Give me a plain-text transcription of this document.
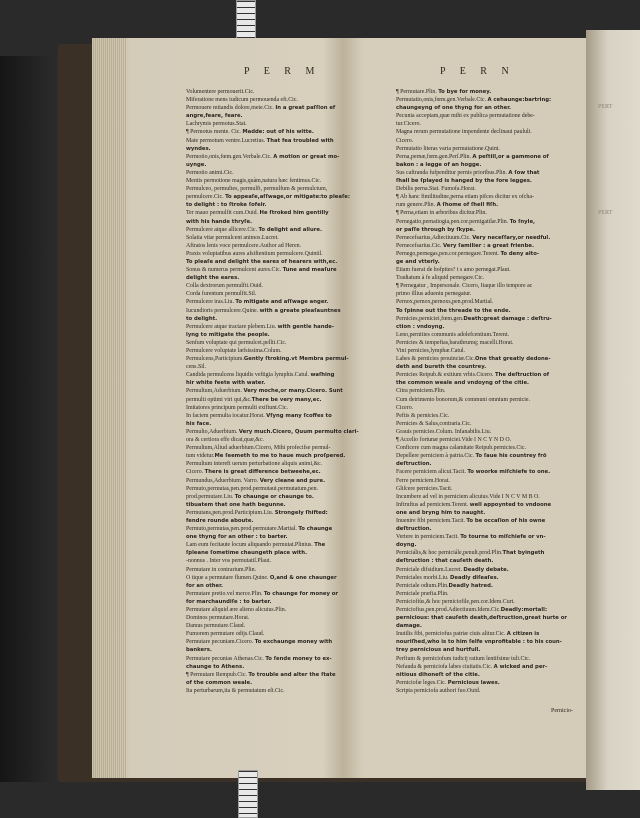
PERT
PERT
P E R M	P E R N
Volumentere permouerit.Cic.
Miferatione mens iudicum permouenda eft.Cic.
Permouere mitandis dolore,mete.Cic. In a great paſſion ef
angre,feare, feare.
Lachrymis permotus.Stat.
¶ Permotus mente. Cic. Madde: out of his witte.
Mate permotum ventre.Lucretius. That fea troubled with
wyndes.
Permotio,onis,fœm.gen.Verbale.Cic. A motion or great mo-
uynge.
Permotio animi.Cic.
Mentis permotione magis,quàm,natura hæc fentimus.Cic.
Permulceo, permultes, permulfi, permulfum & permulctum,
permulcere.Cic. To appeaſe,aſſwage,or mitigate:to pleaſe:
to delight : to ſtroke ſofelr.
Ter mauo permulfit cum.Ouid. He ſtroked him gentilly
with his hande thryſe.
Permulcere atque allicere.Cic. To delight and allure.
Solatia vitæ permulcent animos.Lucret.
Aftratos lenis voce permulcere.Author ad Heren.
Praxis voluptatibus aures afsiftentium permulcere.Quintil.
To pleaſe and delight the eares of hearers with,ec.
Sonus & numerus permulcent aures.Cic. Tune and meaſure
delight the eares.
Colla dextrorum permulfit.Ouid.
Corda furentum permulfit.Sil.
Permulcere iras.Liu. To mitigate and aſſwage anger.
Iucundioris permulcere.Quine. with a greate pleaſauntnes
to delight.
Permulcere atque tractare plebem.Liu. with gentle hande-
lyng to mitigate the people.
Senfum voluptate qui permulcet.pellit.Cic.
Permulcere voluptate læfsissima.Colum.
Permulcens,Participium.Gently ſtroking.vt Membra permul-
cens.Sil.
Candida permulcens liquidis veftigia lymphis.Catul. waſhing
hir white feete with water.
Permultum,Aduerbium. Very moche,or many.Cicero. Sunt
permulti optimi viri qui,&c.There be very many,ec.
Imitatores principum permulti exiftunt.Cic.
In faciem permulta iocatur.Horat. Vſyng many ſcoffes to
his face.
Permulto,Aduerbium. Very much.Cicero, Quum permulto clari-
ora & certiora effe dicat,quæ,&c.
Permultum,Aliud aduerbium.Cicero, Mihi profecifse permul-
tum videtur.Me ſeemeth to me to haue much proſpered.
Permultum intereft uerum perturbatione aliquis animi,&c.
Cicero. There is great difference betweehe,ec.
Permundus,Aduerbium. Varro. Very cleane and pure.
Permuto,permutas,pen.prod.permutaui.permutatum,pen.
prod.permutare.Liu. To chaunge or chaunge to.
tibuatem that one hath begunne.
Permutans,pen.prod.Participium.Liu. Strongely ſhifted:
fendre rounde aboute.
Permuto,permutas,pen.prod.permutare.Martial. To chaunge
one thyng for an other : to barter.
Lam eum fecitaute locum aliquando permutat.Plinius. The
ſpleane ſometime chaungeth place with.
-nonnus . Inter vos permutatiſ.Plaut.
Permutare in contrarium.Plin.
O tique a permutare flumen.Quine. O,and & one chaunger
for an other.
Permutare pretio.vel merce.Plin. To chaunge for money or
for marchaundiſe : to barter.
Permutare aliquid ære alieno alicuius.Plin.
Dominos permutare.Horat.
Damus permutare.Claud.
Fumorem permutare odijs.Claud.
Permutare pecuniam.Cicero. To exchaunge money with
bankers.
Permutare pecunias Athenas.Cic. To ſende money to ex-
chaunge to Athens.
¶ Permutare Rempub.Cic. To trouble and alter the ſtate
of the common weale.
Ita perturbarum,ita & permutatum eſt.Cic.
¶ Permutare.Plin. To bye for money.
Permutatio,onis,fœm.gen.Verbale.Cic. A cehaunge:bartring:
chaungeyng of one thyng for an other.
Pecunia acceptam,quæ mihi ex publica permutatione debe-
tur.Cicero.
Magna rerum permutatione impendente declinaui paululi.
Cicero.
Permutatio literas varia permutatione.Quint.
Perna,pernæ,fœm.gen.Perſ.Plin. A peſtill,or a gammone of
bakon : a legge of an hogge.
Sus caftranda fufpenditur pernis prioribus.Plin. A ſow that
ſhall be ſplayed is hanged by the fore legges.
Debilis perna.Stat. Fumofa.Horat.
¶ Ab hanc fimilitudine,perna etiam pifces dicitur ex ofcha-
rum genere.Plin. A ſhome of ſhell fiſh.
¶ Perna,etiam in arboribus dicitur.Plin.
Pernegatio,pernatiogia,pen.cor.pernigatilæ.Plin. To ſnyle,
or paſſe through by ſkype.
Pernecefsarius,Adiectiuum.Cic. Very neceſſary,or needful.
Pernecefsarius.Cic. Very ſamilier : a great frienbe.
Pernego,pernegas,pen.cor.pernegare.Terent. To deny alto-
ge and vtterly.
Etiam fuerat de hofpites? t s amo pernegat.Plaut.
Tradiatum à fe aliquid pernegare.Cic.
¶ Pernegatur , Impersonale. Cicero, Itaque illo tempore ac
primo illius aduentu pernegatur.
Pernox,pernox,pernoxs,pen.prod.Martial.
To ſpinne out the threade to the ende.
Pernicies,perniciei,fœm.gen.Death:great damage : deſtru-
ction : vndoyng.
Leno,pernities communis adolefcentium.Terent.
Pernicies & tempeftas,barathrumq; macelli.Horat.
Vini pernicies,lymphæ.Catul.
Labes & pernicies prouinciæ.Cic.One that greatly dedone-
deth and bureth the countrey.
Pernicies Reipub.& exitium vrbis.Cicero. The deſtruction of
the common weale and vndoyng of the citie.
Citra perniciem.Plin.
Cum detrimento bonorum,& communi omnium pernicie.
Cicero.
Peftis & pernicies.Cic.
Pernicies & Salus,contraria.Cic.
Grauis pernicies.Colum. Infanabilis.Liu.
¶ Accelio fortunæ perniciei.Vide I N C Y N D O.
Conficere cum magna calamitate Reipub.pernicies.Cic.
Depellere perniciem à patria.Cic. To ſaue his countrey frō
deſtruction.
Facere perniciem alicui.Tacit. To woorke miſchiefe to one.
Ferre perniciem.Horat.
Gliſcere pernicies.Tacit.
Incumbere ad vel in perniciem alicuius.Vide I N C V M B O.
Inftruftus ad perniciem.Terent. well appoynted to vndoone
one and bryng him to naught.
Inuenire fibi perniciem.Tacit. To be occaſion of his owne
deſtruction.
Vertere in perniciem.Tacit. To tourne to miſchiefe or vn-
doyng.
Perniciális,& hoc perniciále,penult.prod.Plin.That byingeth
deſtruction : that cauſeth death.
Perniciale difsidium.Lucret. Deadly debate.
Perniciales morbi.Liu. Deadly diſeaſes.
Perniciale odium.Plin.Deadly hatred.
Perniciale præfia.Plin.
Perniciofiùs,& hoc perniciofile,pen.cor.Idem.Curt.
Perniciofius,pen.prod.Adiectiuum.Idem.Cic.Deadly:mortall:
pernicious: that cauſeth death,deſtruction,great hurte or
damage.
Inutilis fibi, perniciofus patriæ ciuis alitur.Cic. A citizen is
nouriſhed,who is to him ſelfe vnprofitable : to his coun-
trey pernicious and hurtfull.
Perfium & perniciofum iudicij ratium lentifsime tuli.Cic.
Nefauda & perniciofa labes ciuitatis.Cic. A wicked and per-
nitious dihoneſt of the citie.
Perniciofæ leges.Cic. Pernicious lawes.
Scripta perniciofa authori fuo.Ouid.
Pernicio-
